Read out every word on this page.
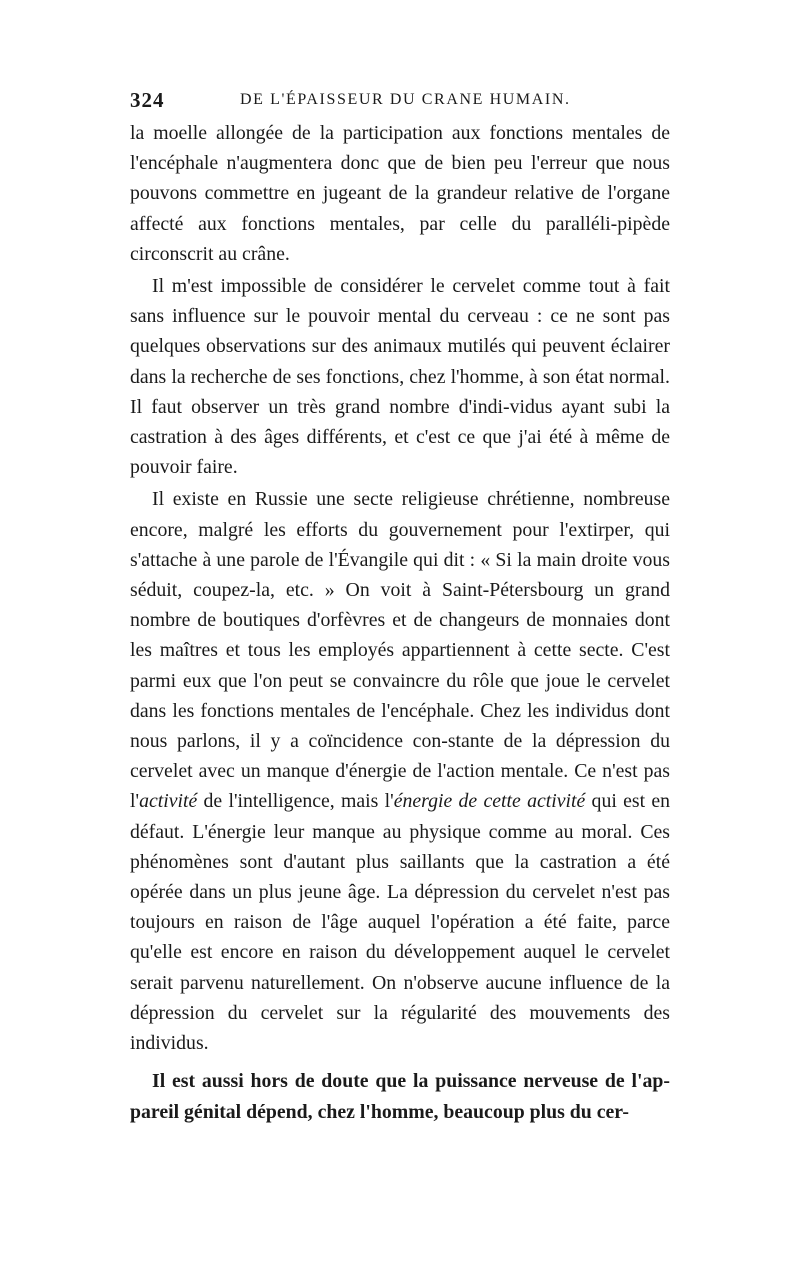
324	DE L'ÉPAISSEUR DU CRANE HUMAIN.

la moelle allongée de la participation aux fonctions mentales de l'encéphale n'augmentera donc que de bien peu l'erreur que nous pouvons commettre en jugeant de la grandeur relative de l'organe affecté aux fonctions mentales, par celle du paralléli-pipède circonscrit au crâne.

Il m'est impossible de considérer le cervelet comme tout à fait sans influence sur le pouvoir mental du cerveau : ce ne sont pas quelques observations sur des animaux mutilés qui peuvent éclairer dans la recherche de ses fonctions, chez l'homme, à son état normal. Il faut observer un très grand nombre d'indi-vidus ayant subi la castration à des âges différents, et c'est ce que j'ai été à même de pouvoir faire.

Il existe en Russie une secte religieuse chrétienne, nombreuse encore, malgré les efforts du gouvernement pour l'extirper, qui s'attache à une parole de l'Évangile qui dit : « Si la main droite vous séduit, coupez-la, etc. » On voit à Saint-Pétersbourg un grand nombre de boutiques d'orfèvres et de changeurs de monnaies dont les maîtres et tous les employés appartiennent à cette secte. C'est parmi eux que l'on peut se convaincre du rôle que joue le cervelet dans les fonctions mentales de l'encéphale. Chez les individus dont nous parlons, il y a coïncidence con-stante de la dépression du cervelet avec un manque d'énergie de l'action mentale. Ce n'est pas l'activité de l'intelligence, mais l'énergie de cette activité qui est en défaut. L'énergie leur manque au physique comme au moral. Ces phénomènes sont d'autant plus saillants que la castration a été opérée dans un plus jeune âge. La dépression du cervelet n'est pas toujours en raison de l'âge auquel l'opération a été faite, parce qu'elle est encore en raison du développement auquel le cervelet serait parvenu naturellement. On n'observe aucune influence de la dépression du cervelet sur la régularité des mouvements des individus.

Il est aussi hors de doute que la puissance nerveuse de l'ap-pareil génital dépend, chez l'homme, beaucoup plus du cer-
